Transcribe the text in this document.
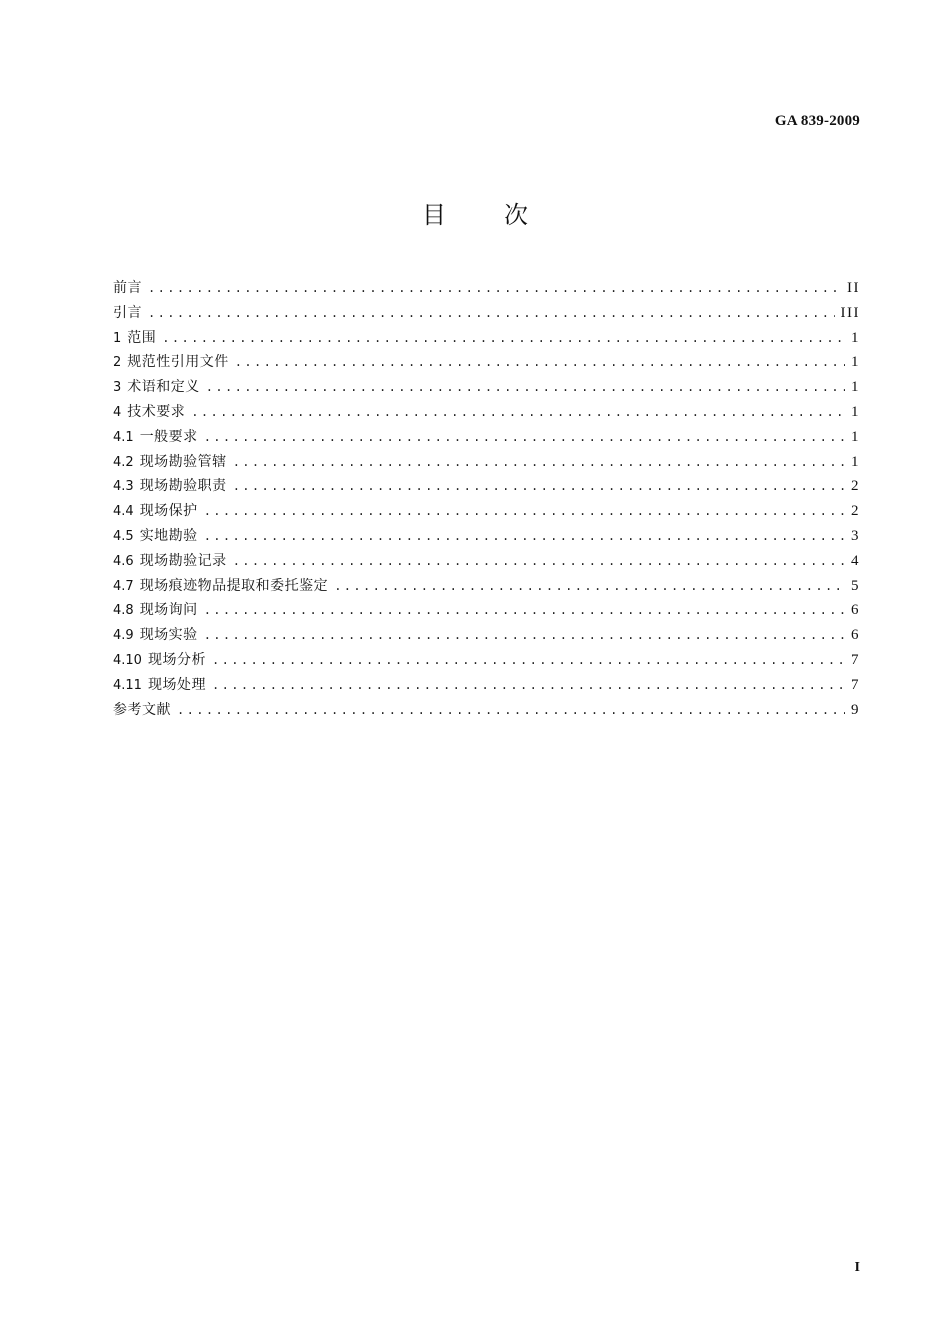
GA 839-2009
目次
前言 .....	II
引言 .....	III
1 范围 .....	1
2 规范性引用文件 .....	1
3 术语和定义 .....	1
4 技术要求 .....	1
4.1 一般要求 .....	1
4.2 现场勘验管辖 .....	1
4.3 现场勘验职责 .....	2
4.4 现场保护 .....	2
4.5 实地勘验 .....	3
4.6 现场勘验记录 .....	4
4.7 现场痕迹物品提取和委托鉴定 .....	5
4.8 现场询问 .....	6
4.9 现场实验 .....	6
4.10 现场分析 .....	7
4.11 现场处理 .....	7
参考文献 .....	9
I
